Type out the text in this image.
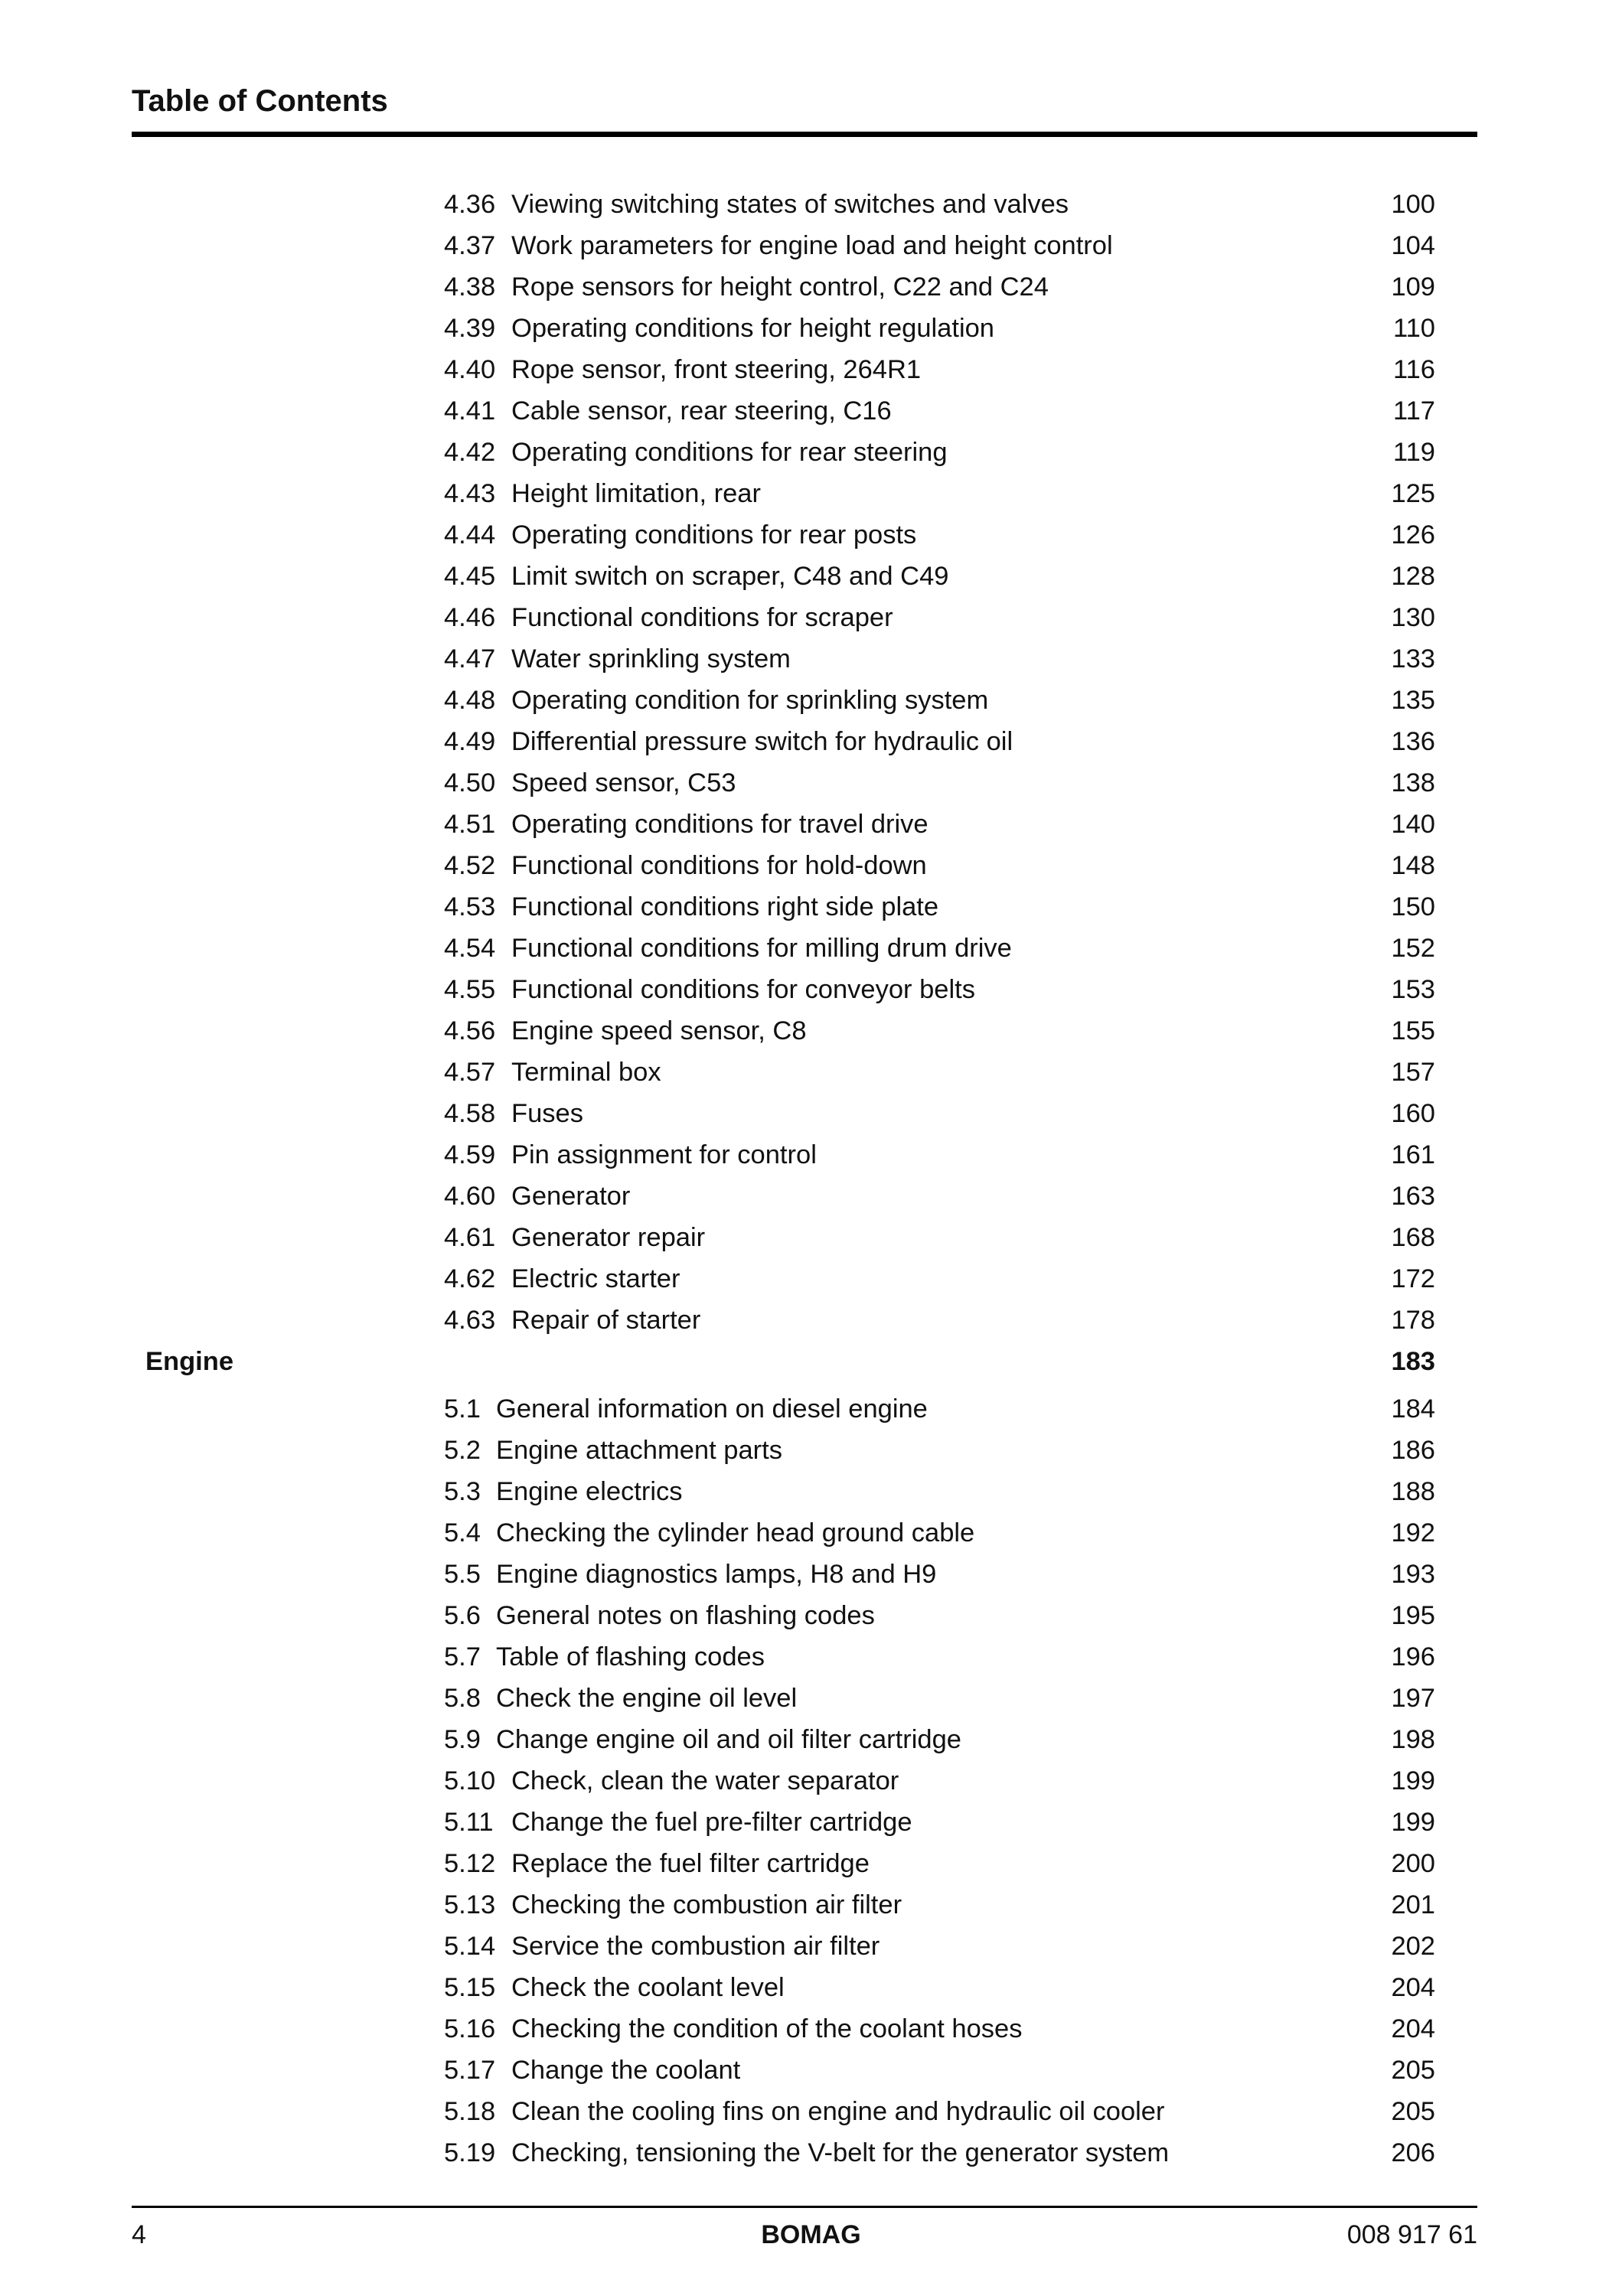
Table of Contents
4.36 Viewing switching states of switches and valves	100
4.37 Work parameters for engine load and height control	104
4.38 Rope sensors for height control, C22 and C24	109
4.39 Operating conditions for height regulation	110
4.40 Rope sensor, front steering, 264R1	116
4.41 Cable sensor, rear steering, C16	117
4.42 Operating conditions for rear steering	119
4.43 Height limitation, rear	125
4.44 Operating conditions for rear posts	126
4.45 Limit switch on scraper, C48 and C49	128
4.46 Functional conditions for scraper	130
4.47 Water sprinkling system	133
4.48 Operating condition for sprinkling system	135
4.49 Differential pressure switch for hydraulic oil	136
4.50 Speed sensor, C53	138
4.51 Operating conditions for travel drive	140
4.52 Functional conditions for hold-down	148
4.53 Functional conditions right side plate	150
4.54 Functional conditions for milling drum drive	152
4.55 Functional conditions for conveyor belts	153
4.56 Engine speed sensor, C8	155
4.57 Terminal box	157
4.58 Fuses	160
4.59 Pin assignment for control	161
4.60 Generator	163
4.61 Generator repair	168
4.62 Electric starter	172
4.63 Repair of starter	178
Engine	183
5.1 General information on diesel engine	184
5.2 Engine attachment parts	186
5.3 Engine electrics	188
5.4 Checking the cylinder head ground cable	192
5.5 Engine diagnostics lamps, H8 and H9	193
5.6 General notes on flashing codes	195
5.7 Table of flashing codes	196
5.8 Check the engine oil level	197
5.9 Change engine oil and oil filter cartridge	198
5.10 Check, clean the water separator	199
5.11 Change the fuel pre-filter cartridge	199
5.12 Replace the fuel filter cartridge	200
5.13 Checking the combustion air filter	201
5.14 Service the combustion air filter	202
5.15 Check the coolant level	204
5.16 Checking the condition of the coolant hoses	204
5.17 Change the coolant	205
5.18 Clean the cooling fins on engine and hydraulic oil cooler	205
5.19 Checking, tensioning the V-belt for the generator system	206
4	BOMAG	008 917 61
